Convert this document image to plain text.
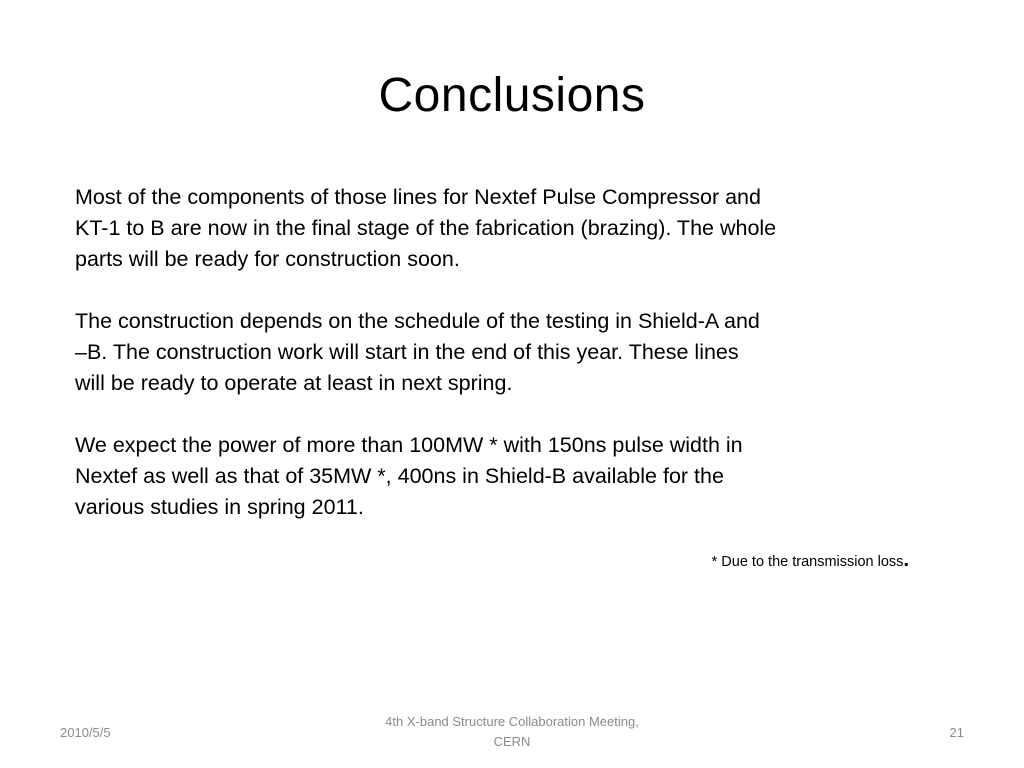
Conclusions

Most of the components of those lines for Nextef Pulse Compressor and
KT-1 to B are now in the final stage of the fabrication (brazing). The whole
parts will be ready for construction soon.

The construction depends on the schedule of the testing in Shield-A and
–B. The construction work will start in the end of this year. These lines
will be ready to operate at least in next spring.

We expect the power of more than 100MW * with 150ns pulse width in
Nextef as well as that of 35MW *, 400ns in Shield-B available for the
various studies in spring 2011.

* Due to the transmission loss.
2010/5/5
4th X-band Structure Collaboration Meeting,
CERN
21
